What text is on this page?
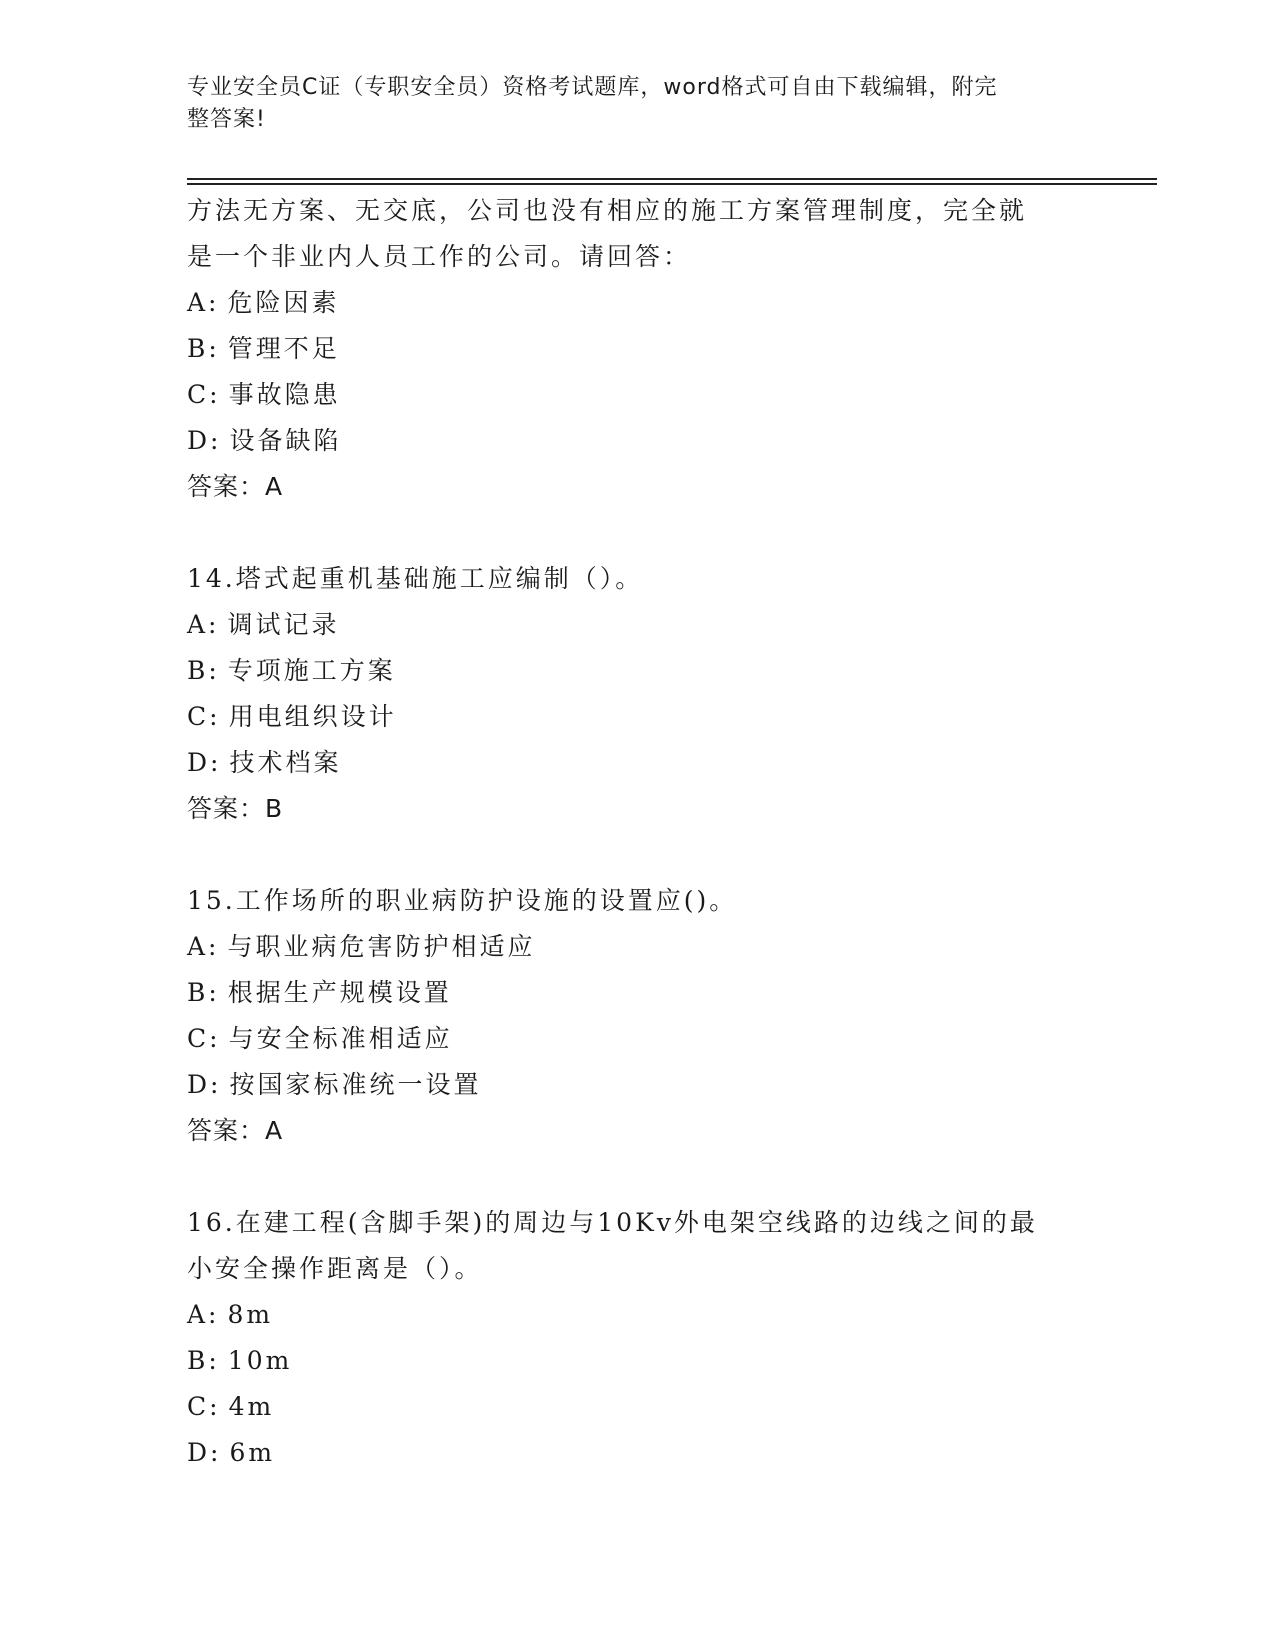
专业安全员C证（专职安全员）资格考试题库，word格式可自由下载编辑，附完
整答案!
方法无方案、无交底，公司也没有相应的施工方案管理制度，完全就
是一个非业内人员工作的公司。请回答：
A: 危险因素
B: 管理不足
C: 事故隐患
D: 设备缺陷
答案：A
14.塔式起重机基础施工应编制（）。
A: 调试记录
B: 专项施工方案
C: 用电组织设计
D: 技术档案
答案：B
15.工作场所的职业病防护设施的设置应()。
A: 与职业病危害防护相适应
B: 根据生产规模设置
C: 与安全标准相适应
D: 按国家标准统一设置
答案：A
16.在建工程(含脚手架)的周边与10Kv外电架空线路的边线之间的最
小安全操作距离是（）。
A: 8m
B: 10m
C: 4m
D: 6m
